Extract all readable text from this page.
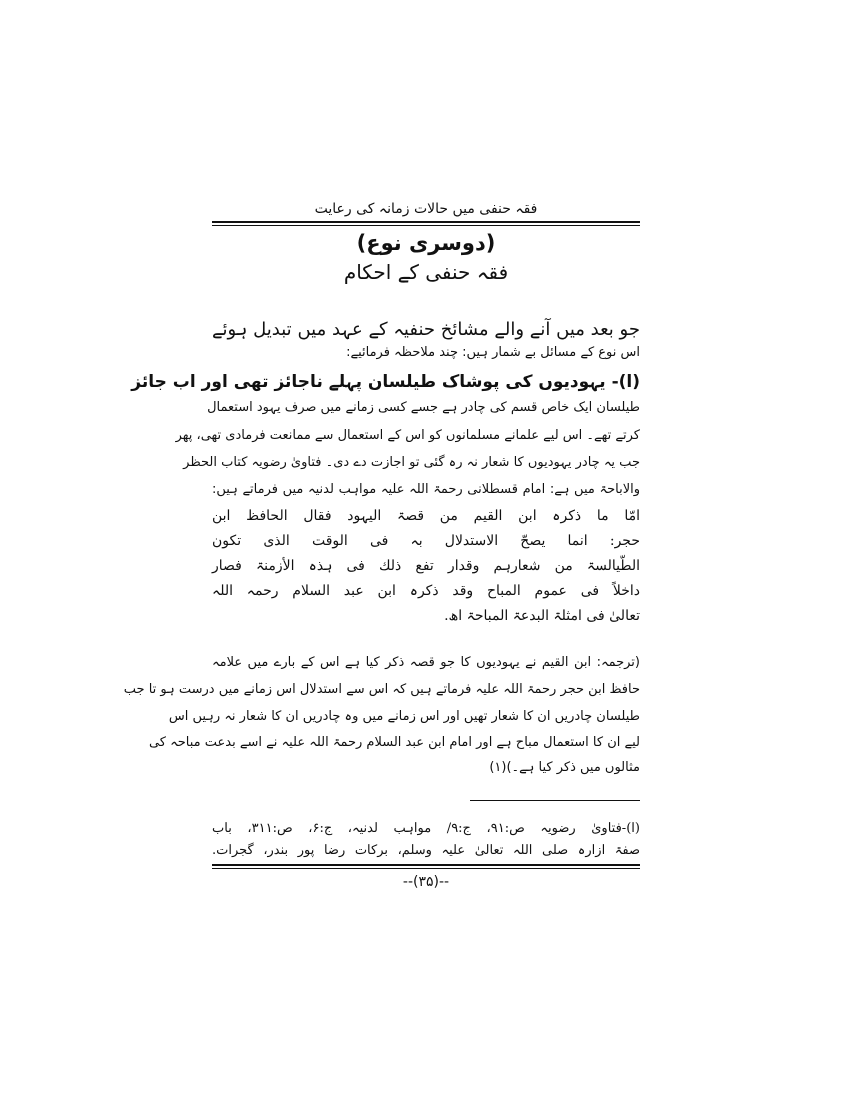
فقہ حنفی میں حالات زمانہ کی رعایت
(دوسری نوع)
فقہ حنفی کے احکام
جو بعد میں آنے والے مشائخ حنفیہ کے عہد میں تبدیل ہوئے
اس نوع کے مسائل بے شمار ہیں: چند ملاحظہ فرمائیے:
(ا)- یہودیوں کی پوشاک طیلسان پہلے ناجائز تھی اور اب جائز
طیلسان ایک خاص قسم کی چادر ہے جسے کسی زمانے میں صرف یہود استعمال
کرتے تھے۔ اس لیے علمانے مسلمانوں کو اس کے استعمال سے ممانعت فرمادی تھی، پھر
جب یہ چادر یہودیوں کا شعار نہ رہ گئی تو اجازت دے دی۔ فتاویٰ رضویہ کتاب الحظر
والاباحۃ میں ہے: امام قسطلانی رحمۃ اللہ علیہ مواہب لدنیہ میں فرماتے ہیں:
امّا ما ذکرہ ابن القیم من قصۃ الیہود فقال الحافظ ابن
حجر: انما یصحّ الاستدلال بہ فی الوقت الذی تکون
الطّیالسۃ من شعارہم وقدار تفع ذلك فی ہذہ الأزمنۃ فصار
داخلاً فی عموم المباح وقد ذکرہ ابن عبد السلام رحمہ اللہ
تعالیٰ فی امثلۃ البدعۃ المباحۃ اھ.
(ترجمہ: ابن القیم نے یہودیوں کا جو قصہ ذکر کیا ہے اس کے بارے میں علامہ
حافظ ابن حجر رحمۃ اللہ علیہ فرماتے ہیں کہ اس سے استدلال اس زمانے میں درست ہو تا جب
طیلسان چادریں ان کا شعار تھیں اور اس زمانے میں وہ چادریں ان کا شعار نہ رہیں اس
لیے ان کا استعمال مباح ہے اور امام ابن عبد السلام رحمۃ اللہ علیہ نے اسے بدعت مباحہ کی
مثالوں میں ذکر کیا ہے۔)(۱)
(ا)-فتاویٰ رضویہ ص:۹۱، ج:۹/ مواہب لدنیہ، ج:۶، ص:۳۱۱، باب
صفۃ ازارہ صلی اللہ تعالیٰ علیہ وسلم، برکات رضا پور بندر، گجرات.
--(۳۵)--
